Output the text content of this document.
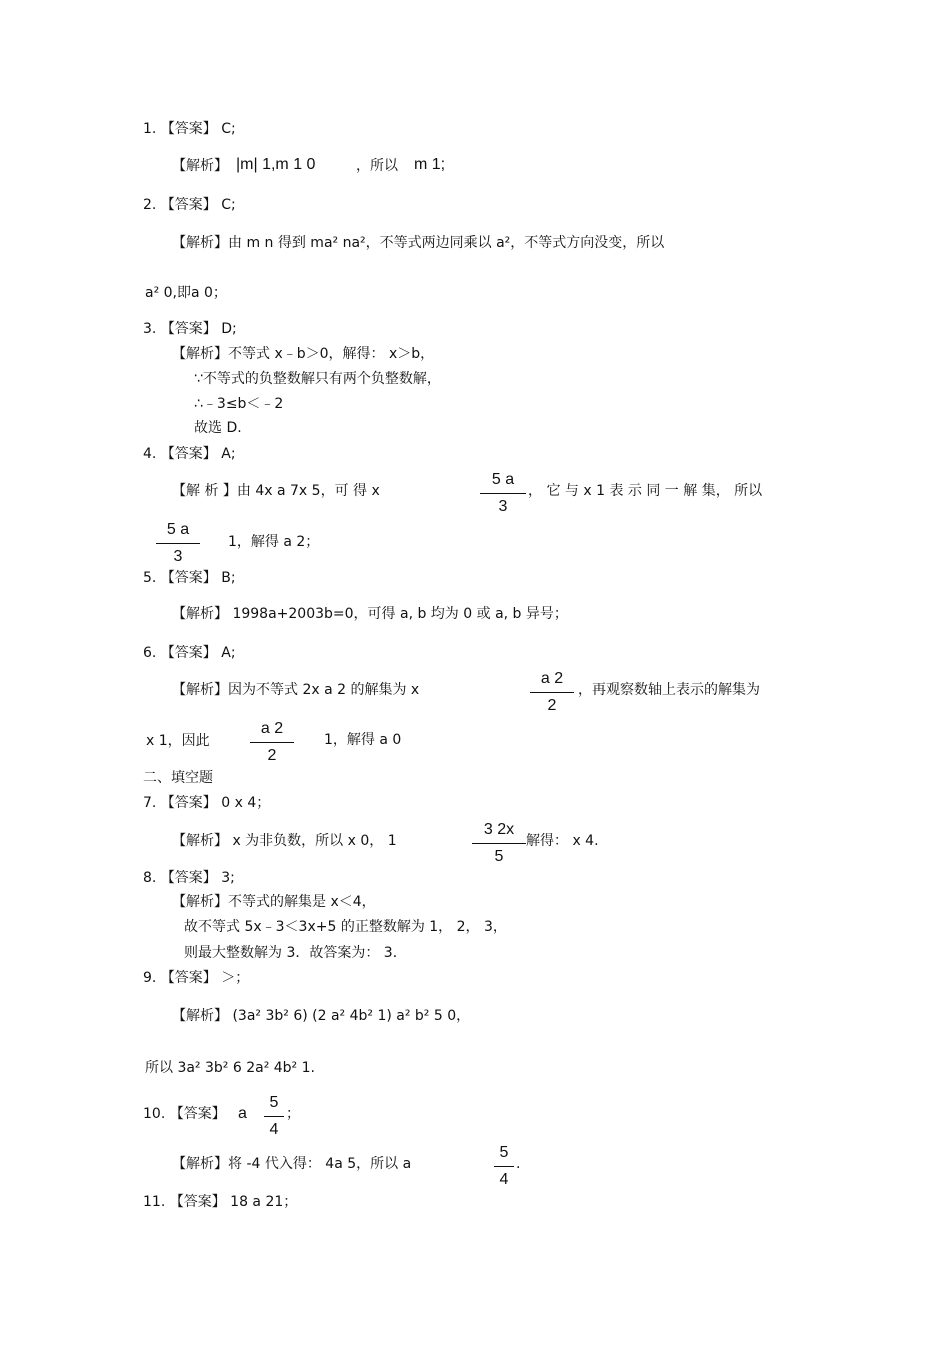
1. 【答案】 C;
【解析】 |m| 1,m 1 0	，所以 m 1;
2. 【答案】 C;
【解析】由 m n 得到 ma² na²，不等式两边同乘以 a²，不等式方向没变，所以
a² 0,即a 0；
3. 【答案】 D;
【解析】不等式 x﹣b＞0，解得： x＞b，
∵不等式的负整数解只有两个负整数解，
∴﹣3≤b＜﹣2
故选 D.
4. 【答案】 A;
【解 析 】由 4x a 7x 5，可 得 x
5 a
3
， 它 与 x 1 表 示 同 一 解 集， 所以
5 a
3
1，解得 a 2；
5. 【答案】 B;
【解析】 1998a+2003b=0，可得 a, b 均为 0 或 a, b 异号；
6. 【答案】 A;
【解析】因为不等式 2x a 2 的解集为 x
a 2
2
，再观察数轴上表示的解集为
x 1，因此
a 2
2
1，解得 a 0
二、填空题
7. 【答案】 0 x 4；
【解析】 x 为非负数，所以 x 0， 1
3 2x
5
解得： x 4.
8. 【答案】 3;
【解析】不等式的解集是 x＜4，
故不等式 5x﹣3＜3x+5 的正整数解为 1， 2， 3，
则最大整数解为 3．故答案为： 3．
9. 【答案】 ＞；
【解析】 (3a² 3b² 6) (2 a² 4b² 1) a² b² 5 0，
所以 3a² 3b² 6 2a² 4b² 1.
10. 【答案】 a
5
4
；
【解析】将 -4 代入得： 4a 5，所以 a
5
4
.
11. 【答案】 18 a 21；
